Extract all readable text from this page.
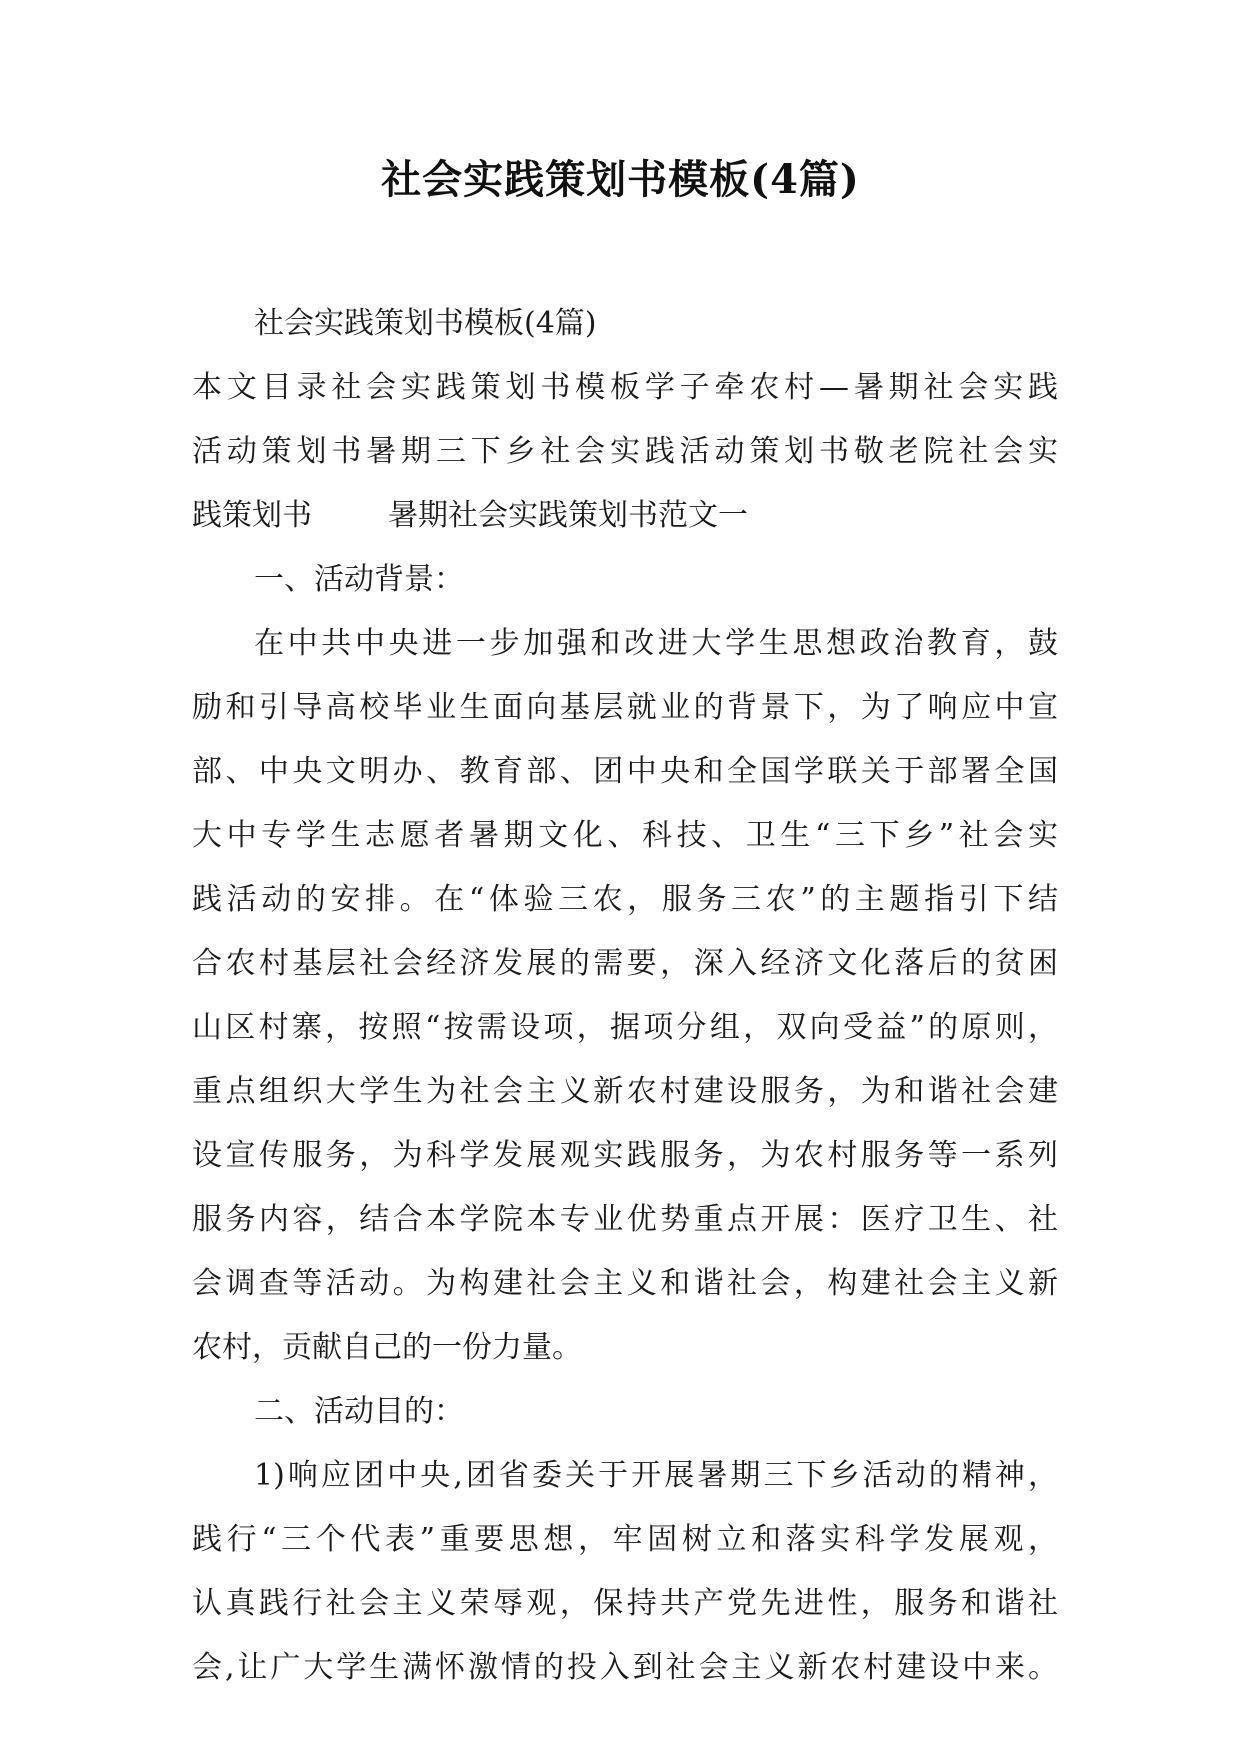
社会实践策划书模板(4篇)
社会实践策划书模板(4篇)
本文目录社会实践策划书模板学子牵农村—暑期社会实践
活动策划书暑期三下乡社会实践活动策划书敬老院社会实
践策划书	暑期社会实践策划书范文一
一、活动背景：
在中共中央进一步加强和改进大学生思想政治教育，鼓
励和引导高校毕业生面向基层就业的背景下，为了响应中宣
部、中央文明办、教育部、团中央和全国学联关于部署全国
大中专学生志愿者暑期文化、科技、卫生“三下乡”社会实
践活动的安排。在“体验三农，服务三农”的主题指引下结
合农村基层社会经济发展的需要，深入经济文化落后的贫困
山区村寨，按照“按需设项，据项分组，双向受益”的原则，
重点组织大学生为社会主义新农村建设服务，为和谐社会建
设宣传服务，为科学发展观实践服务，为农村服务等一系列
服务内容，结合本学院本专业优势重点开展：医疗卫生、社
会调查等活动。为构建社会主义和谐社会，构建社会主义新
农村，贡献自己的一份力量。
二、活动目的：
1)响应团中央,团省委关于开展暑期三下乡活动的精神，
践行“三个代表”重要思想，牢固树立和落实科学发展观，
认真践行社会主义荣辱观，保持共产党先进性，服务和谐社
会,让广大学生满怀激情的投入到社会主义新农村建设中来。
